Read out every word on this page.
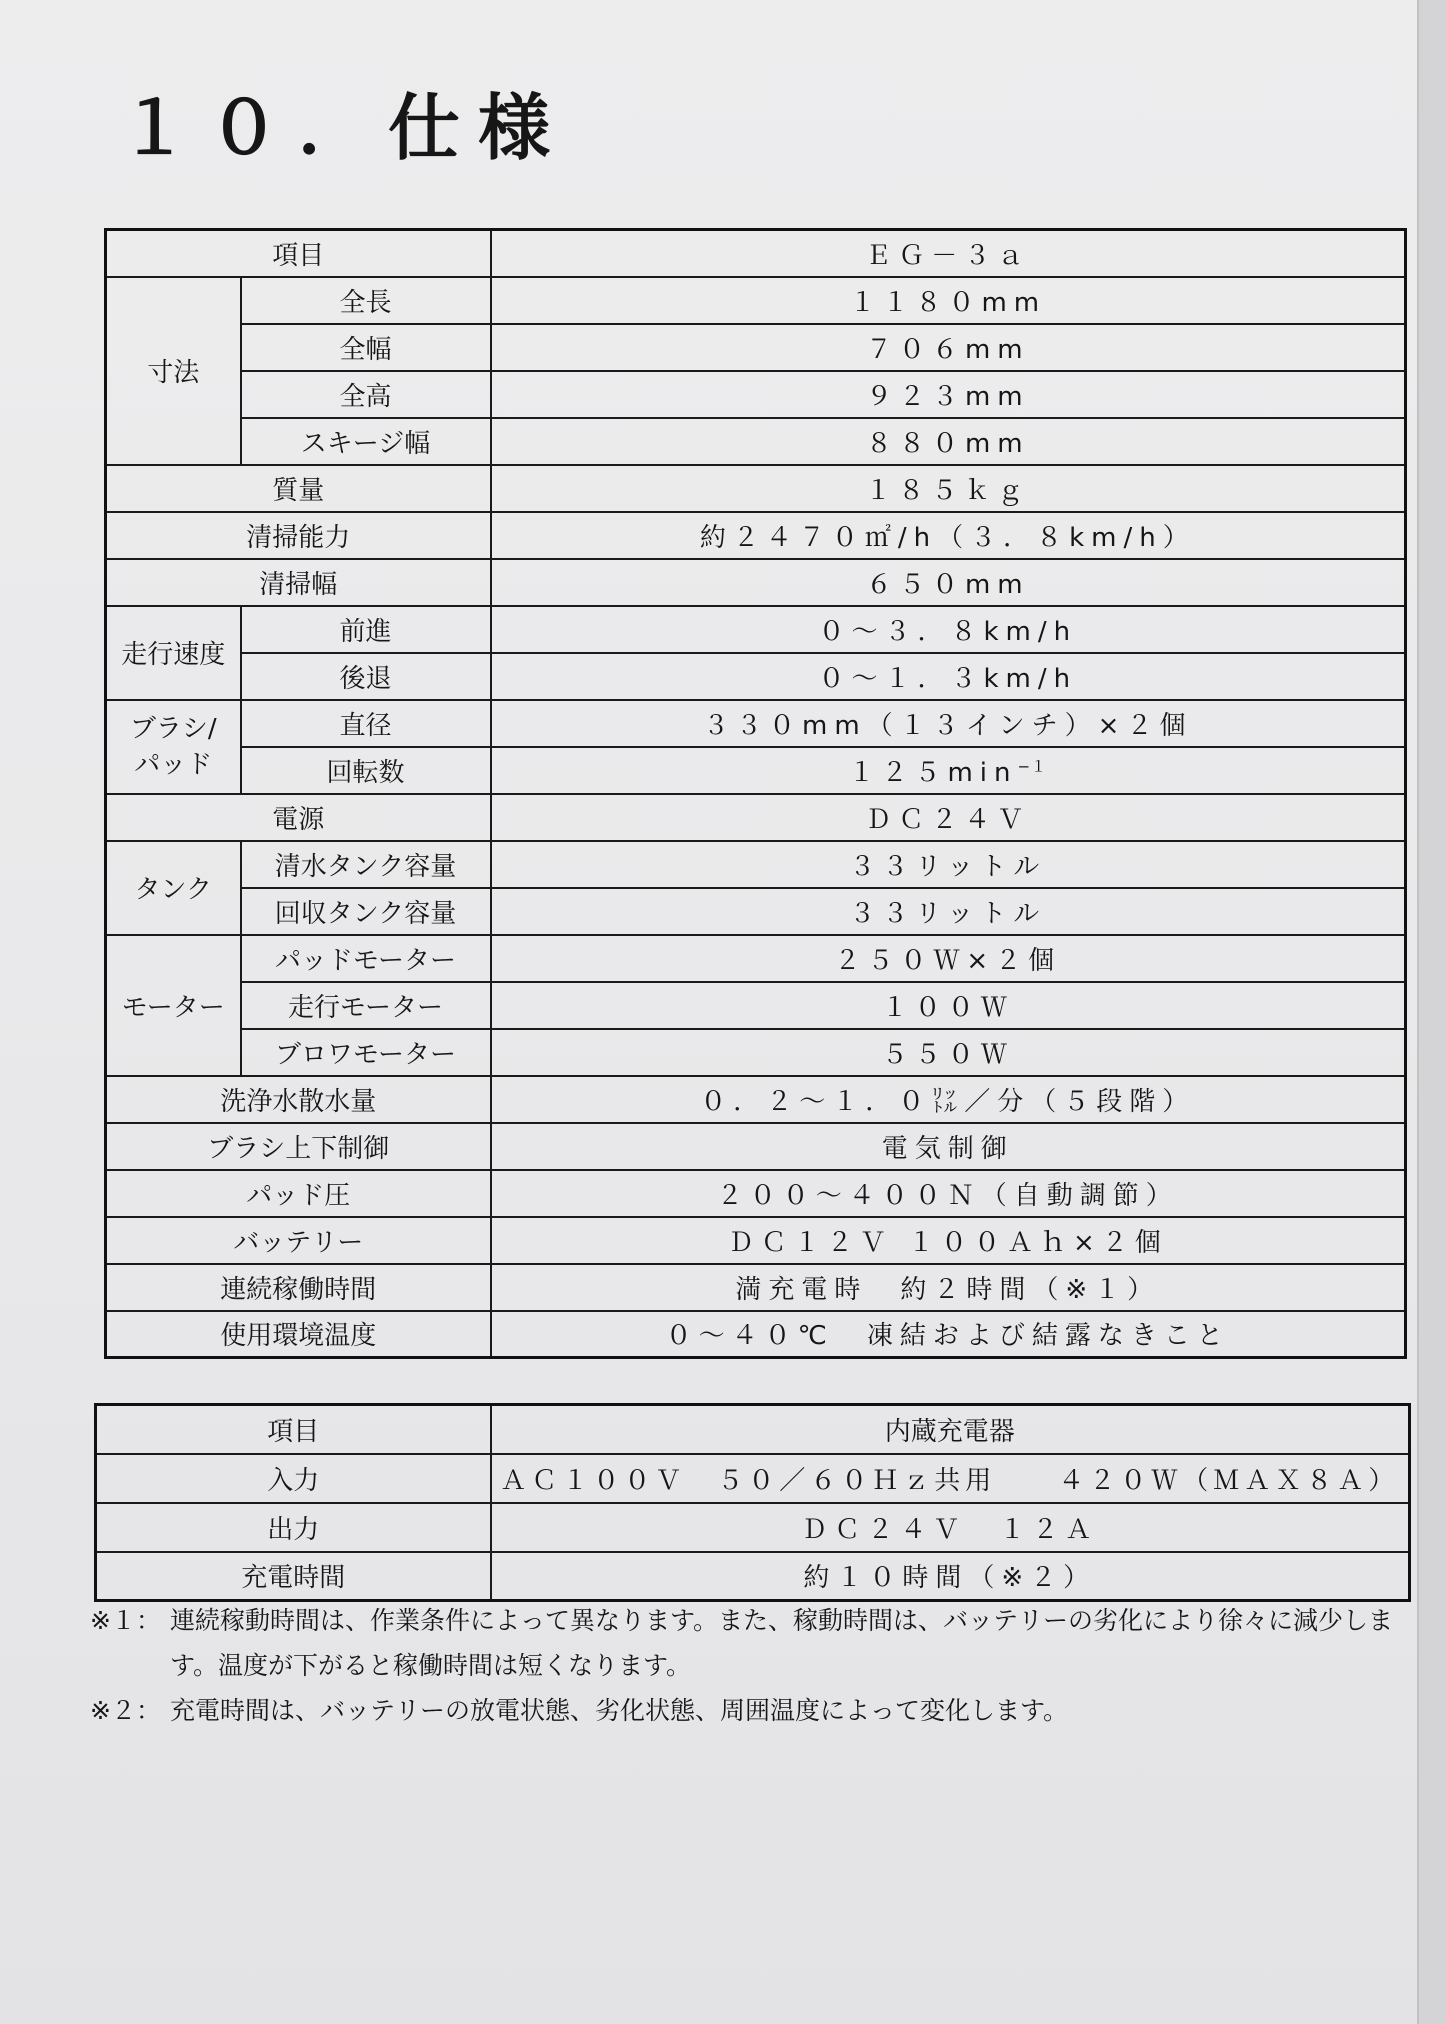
１０．仕様
項目		ＥＧ－３ａ
寸法	全長	１１８０mm
	全幅	７０６mm
	全高	９２３mm
	スキージ幅	８８０mm
質量		１８５ｋｇ
清掃能力		約２４７０㎡/h（３．８km/h）
清掃幅		６５０mm
走行速度	前進	０～３．８km/h
	後退	０～１．３km/h
ブラシ/
パッド	直径	３３０mm（１３インチ）×２個
	回転数	$125\min^{-1}$
電源		ＤＣ２４Ｖ
タンク	清水タンク容量	３３リットル
	回収タンク容量	３３リットル
モーター	パッドモーター	２５０Ｗ×２個
	走行モーター	１００Ｗ
	ブロワモーター	５５０Ｗ
洗浄水散水量		０．２～１．０㍑／分（５段階）
ブラシ上下制御		電気制御
パッド圧		２００～４００Ｎ（自動調節）
バッテリー		ＤＣ１２Ｖ １００Ａｈ×２個
連続稼働時間		満充電時　約２時間（※１）
使用環境温度		０～４０℃　凍結および結露なきこと
項目	内蔵充電器
入力	ＡＣ１００Ｖ　５０／６０Ｈｚ共用　　４２０Ｗ（ＭＡＸ８Ａ）
出力	ＤＣ２４Ｖ　１２Ａ
充電時間	約１０時間（※２）
※１： 連続稼動時間は、作業条件によって異なります。また、稼動時間は、バッテリーの劣化により徐々に減少します。温度が下がると稼働時間は短くなります。
※２： 充電時間は、バッテリーの放電状態、劣化状態、周囲温度によって変化します。
